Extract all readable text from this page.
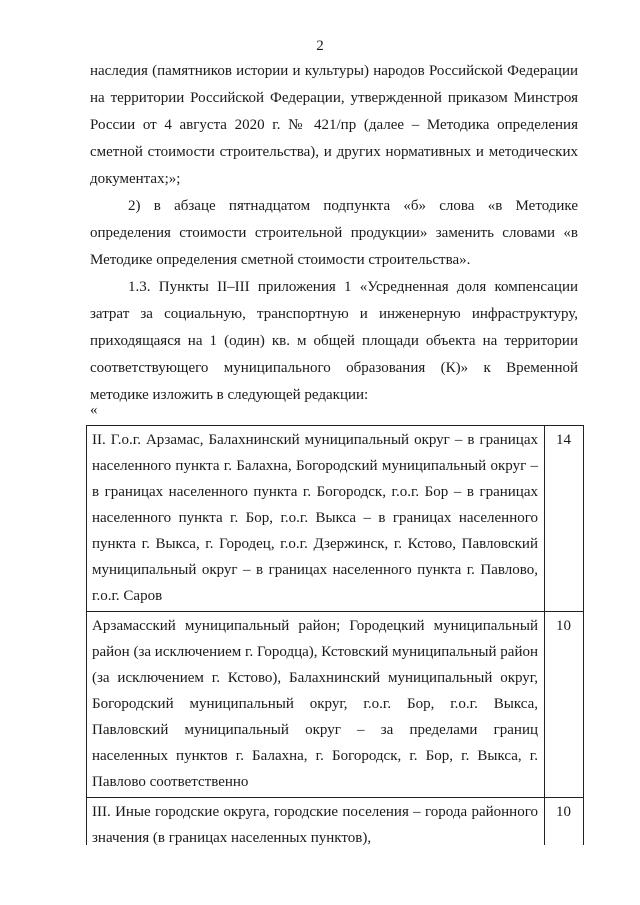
2

наследия (памятников истории и культуры) народов Российской Федерации на территории Российской Федерации, утвержденной приказом Минстроя России от 4 августа 2020 г. № 421/пр (далее – Методика определения сметной стоимости строительства), и других нормативных и методических документах;»;

2) в абзаце пятнадцатом подпункта «б» слова «в Методике определения стоимости строительной продукции» заменить словами «в Методике определения сметной стоимости строительства».

1.3. Пункты II–III приложения 1 «Усредненная доля компенсации затрат за социальную, транспортную и инженерную инфраструктуру, приходящаяся на 1 (один) кв. м общей площади объекта на территории соответствующего муниципального образования (К)» к Временной методике изложить в следующей редакции:

«
II. Г.о.г. Арзамас, Балахнинский муниципальный округ – в границах населенного пункта г. Балахна, Богородский муниципальный округ – в границах населенного пункта г. Богородск, г.о.г. Бор – в границах населенного пункта г. Бор, г.о.г. Выкса – в границах населенного пункта г. Выкса, г. Городец, г.о.г. Дзержинск, г. Кстово, Павловский муниципальный округ – в границах населенного пункта г. Павлово, г.о.г. Саров	14
Арзамасский муниципальный район; Городецкий муниципальный район (за исключением г. Городца), Кстовский муниципальный район (за исключением г. Кстово), Балахнинский муниципальный округ, Богородский муниципальный округ, г.о.г. Бор, г.о.г. Выкса, Павловский муниципальный округ – за пределами границ населенных пунктов г. Балахна, г. Богородск, г. Бор, г. Выкса, г. Павлово соответственно	10
III. Иные городские округа, городские поселения – города районного значения (в границах населенных пунктов),	10
